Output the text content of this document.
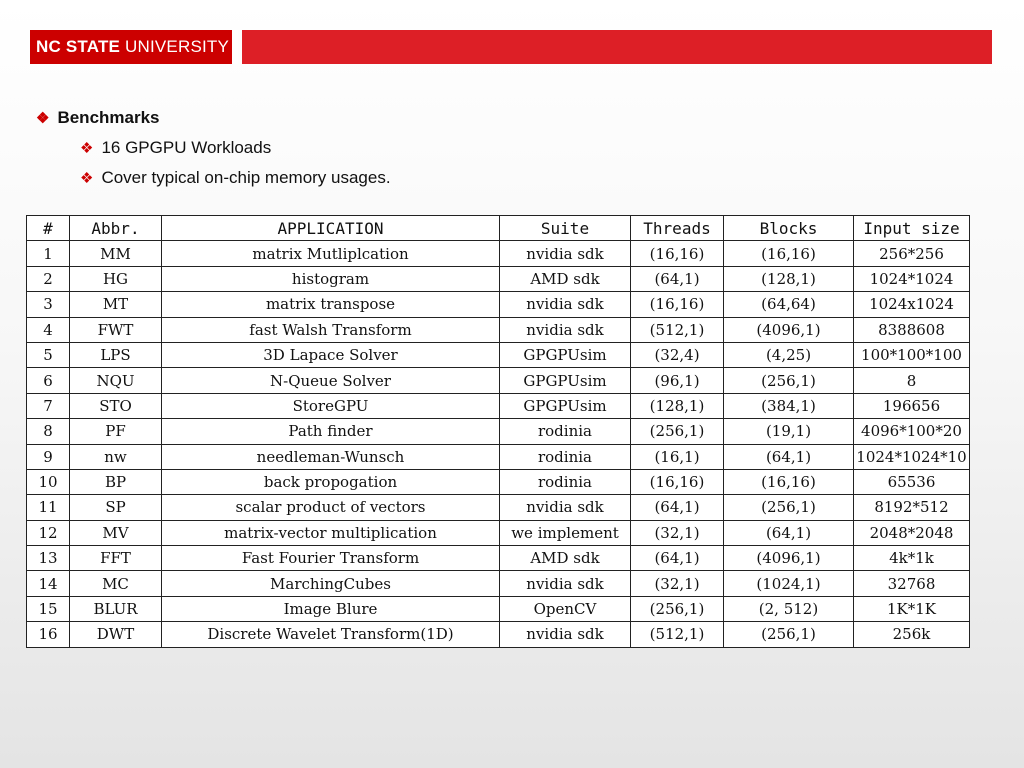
NC STATE UNIVERSITY
❖ Benchmarks
❖ 16 GPGPU Workloads
❖ Cover typical on-chip memory usages.
#	Abbr.	APPLICATION	Suite	Threads	Blocks	Input size
1	MM	matrix Mutliplcation	nvidia sdk	(16,16)	(16,16)	256*256
2	HG	histogram	AMD sdk	(64,1)	(128,1)	1024*1024
3	MT	matrix transpose	nvidia sdk	(16,16)	(64,64)	1024x1024
4	FWT	fast Walsh Transform	nvidia sdk	(512,1)	(4096,1)	8388608
5	LPS	3D Lapace Solver	GPGPUsim	(32,4)	(4,25)	100*100*100
6	NQU	N-Queue Solver	GPGPUsim	(96,1)	(256,1)	8
7	STO	StoreGPU	GPGPUsim	(128,1)	(384,1)	196656
8	PF	Path finder	rodinia	(256,1)	(19,1)	4096*100*20
9	nw	needleman-Wunsch	rodinia	(16,1)	(64,1)	1024*1024*10
10	BP	back propogation	rodinia	(16,16)	(16,16)	65536
11	SP	scalar product of vectors	nvidia sdk	(64,1)	(256,1)	8192*512
12	MV	matrix-vector multiplication	we implement	(32,1)	(64,1)	2048*2048
13	FFT	Fast Fourier Transform	AMD sdk	(64,1)	(4096,1)	4k*1k
14	MC	MarchingCubes	nvidia sdk	(32,1)	(1024,1)	32768
15	BLUR	Image Blure	OpenCV	(256,1)	(2, 512)	1K*1K
16	DWT	Discrete Wavelet Transform(1D)	nvidia sdk	(512,1)	(256,1)	256k
